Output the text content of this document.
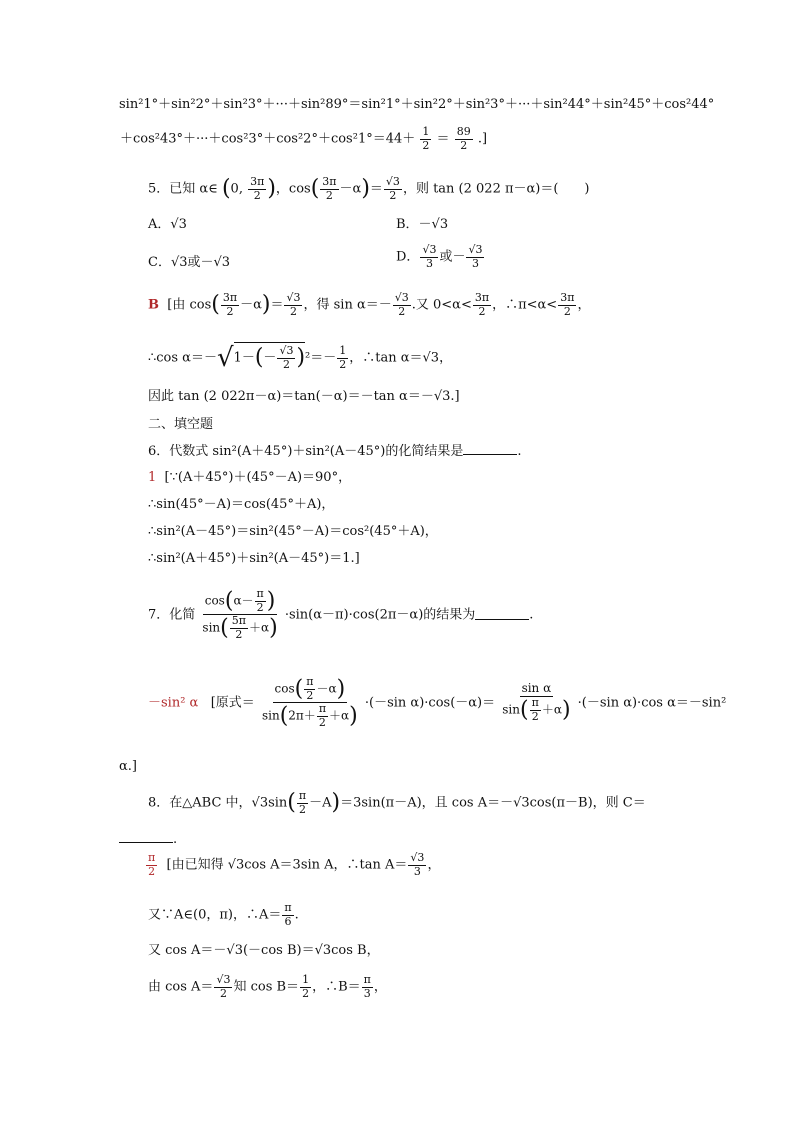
sin²1°＋sin²2°＋sin²3°＋···＋sin²89°＝sin²1°＋sin²2°＋sin²3°＋···＋sin²44°＋sin²45°＋cos²44°
$+\cos^243^\circ+\cdot\cdot\cdot+\cos^23^\circ+\cos^22^\circ+\cos^21^\circ=44+ \frac{1}{2} = \frac{89}{2}$ .]
5．已知 α∈ (0, $\frac{3\pi}{2}$ )，$\cos( \frac{3\pi}{2} -\alpha)= \frac{√3}{2}$ ，则 tan (2 022 π－α)＝(　　)
A．√3	B．－√3
C．√3或－√3	D． $\frac{√3}{3}$ 或－ $\frac{√3}{3}$
B [由 $\cos( \frac{3\pi}{2} -\alpha)= \frac{√3}{2}$ ，得 $\sin \alpha=- \frac{√3}{2}$ .又 $0<\alpha< \frac{3\pi}{2}$ ，∴π<α< $\frac{3\pi}{2}$ ，
∴cos $\alpha=-√1-(- \frac{√3}{2} )^2=- \frac{1}{2}$ ，∴tan α＝√3，
因此 tan (2 022π－α)＝tan(－α)＝－tan α＝－√3.]
二、填空题
6．代数式 sin²(A＋45°)＋sin²(A－45°)的化简结果是	.
1 [∵(A＋45°)＋(45°－A)＝90°，
∴sin(45°－A)＝cos(45°＋A)，
∴sin²(A－45°)＝sin²(45°－A)＝cos²(45°＋A)，
∴sin²(A＋45°)＋sin²(A－45°)＝1.]
7．化简 $\frac{\cos(\alpha- \frac{\pi}{2} )}{\sin( \frac{5\pi}{2} +\alpha)} \cdot\sin(\alpha-\pi)\cdot\cos(2\pi-\alpha)$的结果为	.
－sin² α [原式＝ $\frac{\cos( \frac{\pi}{2} -\alpha)}{\sin(2\pi+ \frac{\pi}{2} +\alpha)} \cdot(-\sin$ $\alpha)\cdot\cos(-\alpha)= \frac{\text{sin α}}{\sin( \frac{\pi}{2} +\alpha)} \cdot(-\sin$ α)·cos α＝－sin²
α.]
8．在△ABC 中，$√3\sin( \frac{\pi}{2} -A)=3\sin(\pi-A)$，且 cos A＝－√3cos(π－B)，则 C＝
.
$\frac{\pi}{2}$ [由已知得 √3cos A＝3sin A，∴tan $A= \frac{√3}{3}$ ，
又∵A∈(0，π)，∴A＝ $\frac{\pi}{6}$ .
又 cos A＝－√3(－cos B)＝√3cos B，
由 $\cos A= \frac{√3}{2}$ 知 $\cos B= \frac{1}{2}$ ，∴B＝ $\frac{\pi}{3}$ ，
